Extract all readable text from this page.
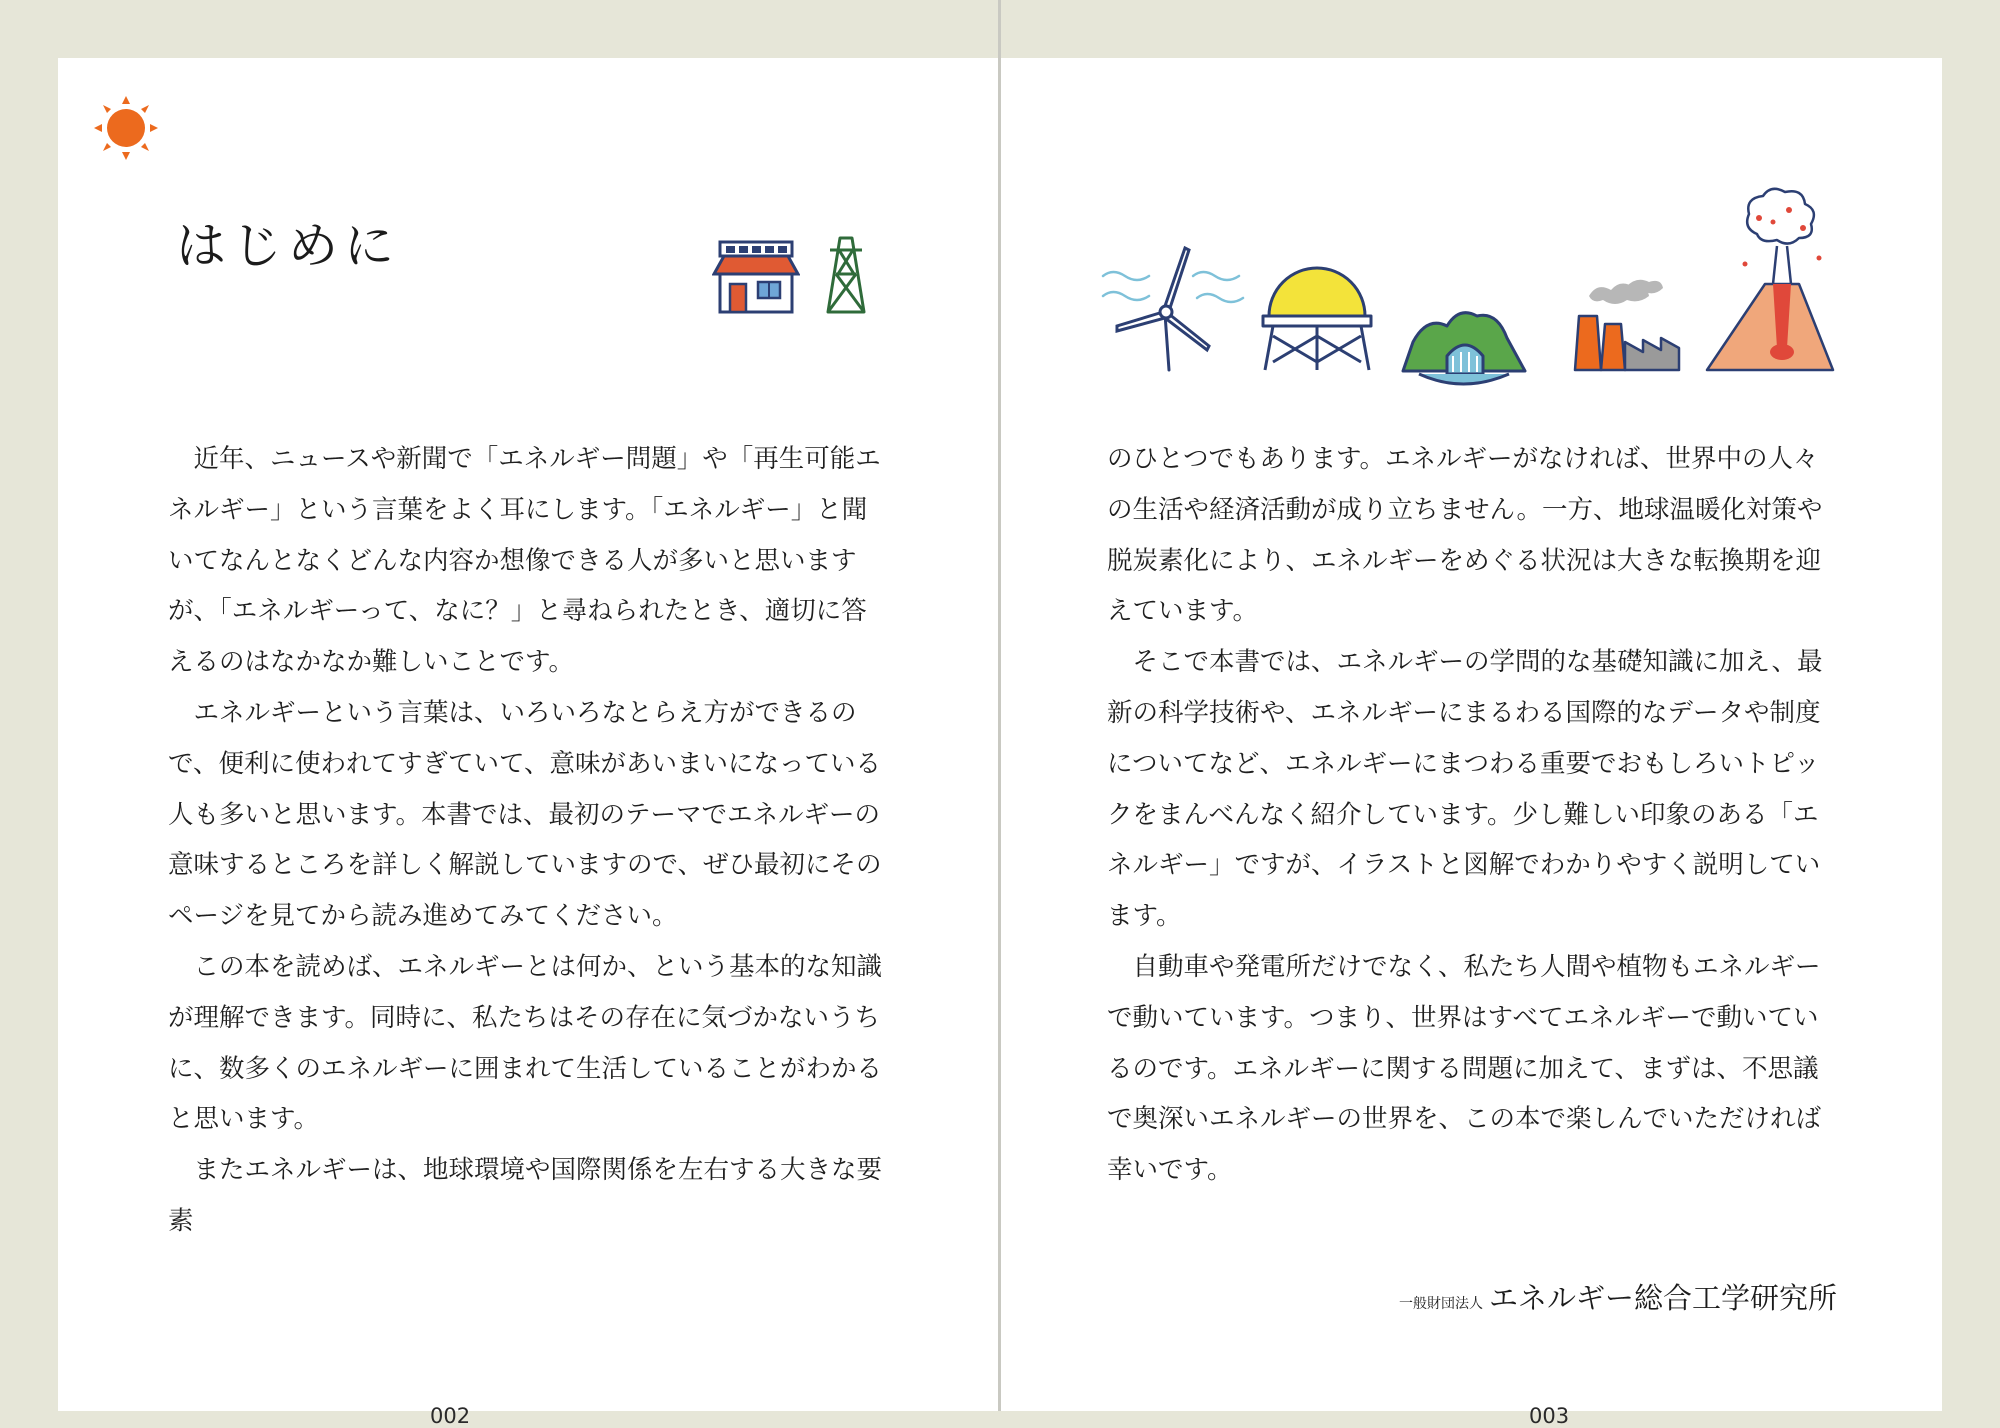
はじめに

近年、ニュースや新聞で「エネルギー問題」や「再生可能エネルギー」という言葉をよく耳にします。「エネルギー」と聞いてなんとなくどんな内容か想像できる人が多いと思いますが、「エネルギーって、なに？」と尋ねられたとき、適切に答えるのはなかなか難しいことです。

エネルギーという言葉は、いろいろなとらえ方ができるので、便利に使われてすぎていて、意味があいまいになっている人も多いと思います。本書では、最初のテーマでエネルギーの意味するところを詳しく解説していますので、ぜひ最初にそのページを見てから読み進めてみてください。

この本を読めば、エネルギーとは何か、という基本的な知識が理解できます。同時に、私たちはその存在に気づかないうちに、数多くのエネルギーに囲まれて生活していることがわかると思います。

またエネルギーは、地球環境や国際関係を左右する大きな要素

002

のひとつでもあります。エネルギーがなければ、世界中の人々の生活や経済活動が成り立ちません。一方、地球温暖化対策や脱炭素化により、エネルギーをめぐる状況は大きな転換期を迎えています。

そこで本書では、エネルギーの学問的な基礎知識に加え、最新の科学技術や、エネルギーにまるわる国際的なデータや制度についてなど、エネルギーにまつわる重要でおもしろいトピックをまんべんなく紹介しています。少し難しい印象のある「エネルギー」ですが、イラストと図解でわかりやすく説明しています。

自動車や発電所だけでなく、私たち人間や植物もエネルギーで動いています。つまり、世界はすべてエネルギーで動いているのです。エネルギーに関する問題に加えて、まずは、不思議で奥深いエネルギーの世界を、この本で楽しんでいただければ幸いです。

一般財団法人 エネルギー総合工学研究所
003
